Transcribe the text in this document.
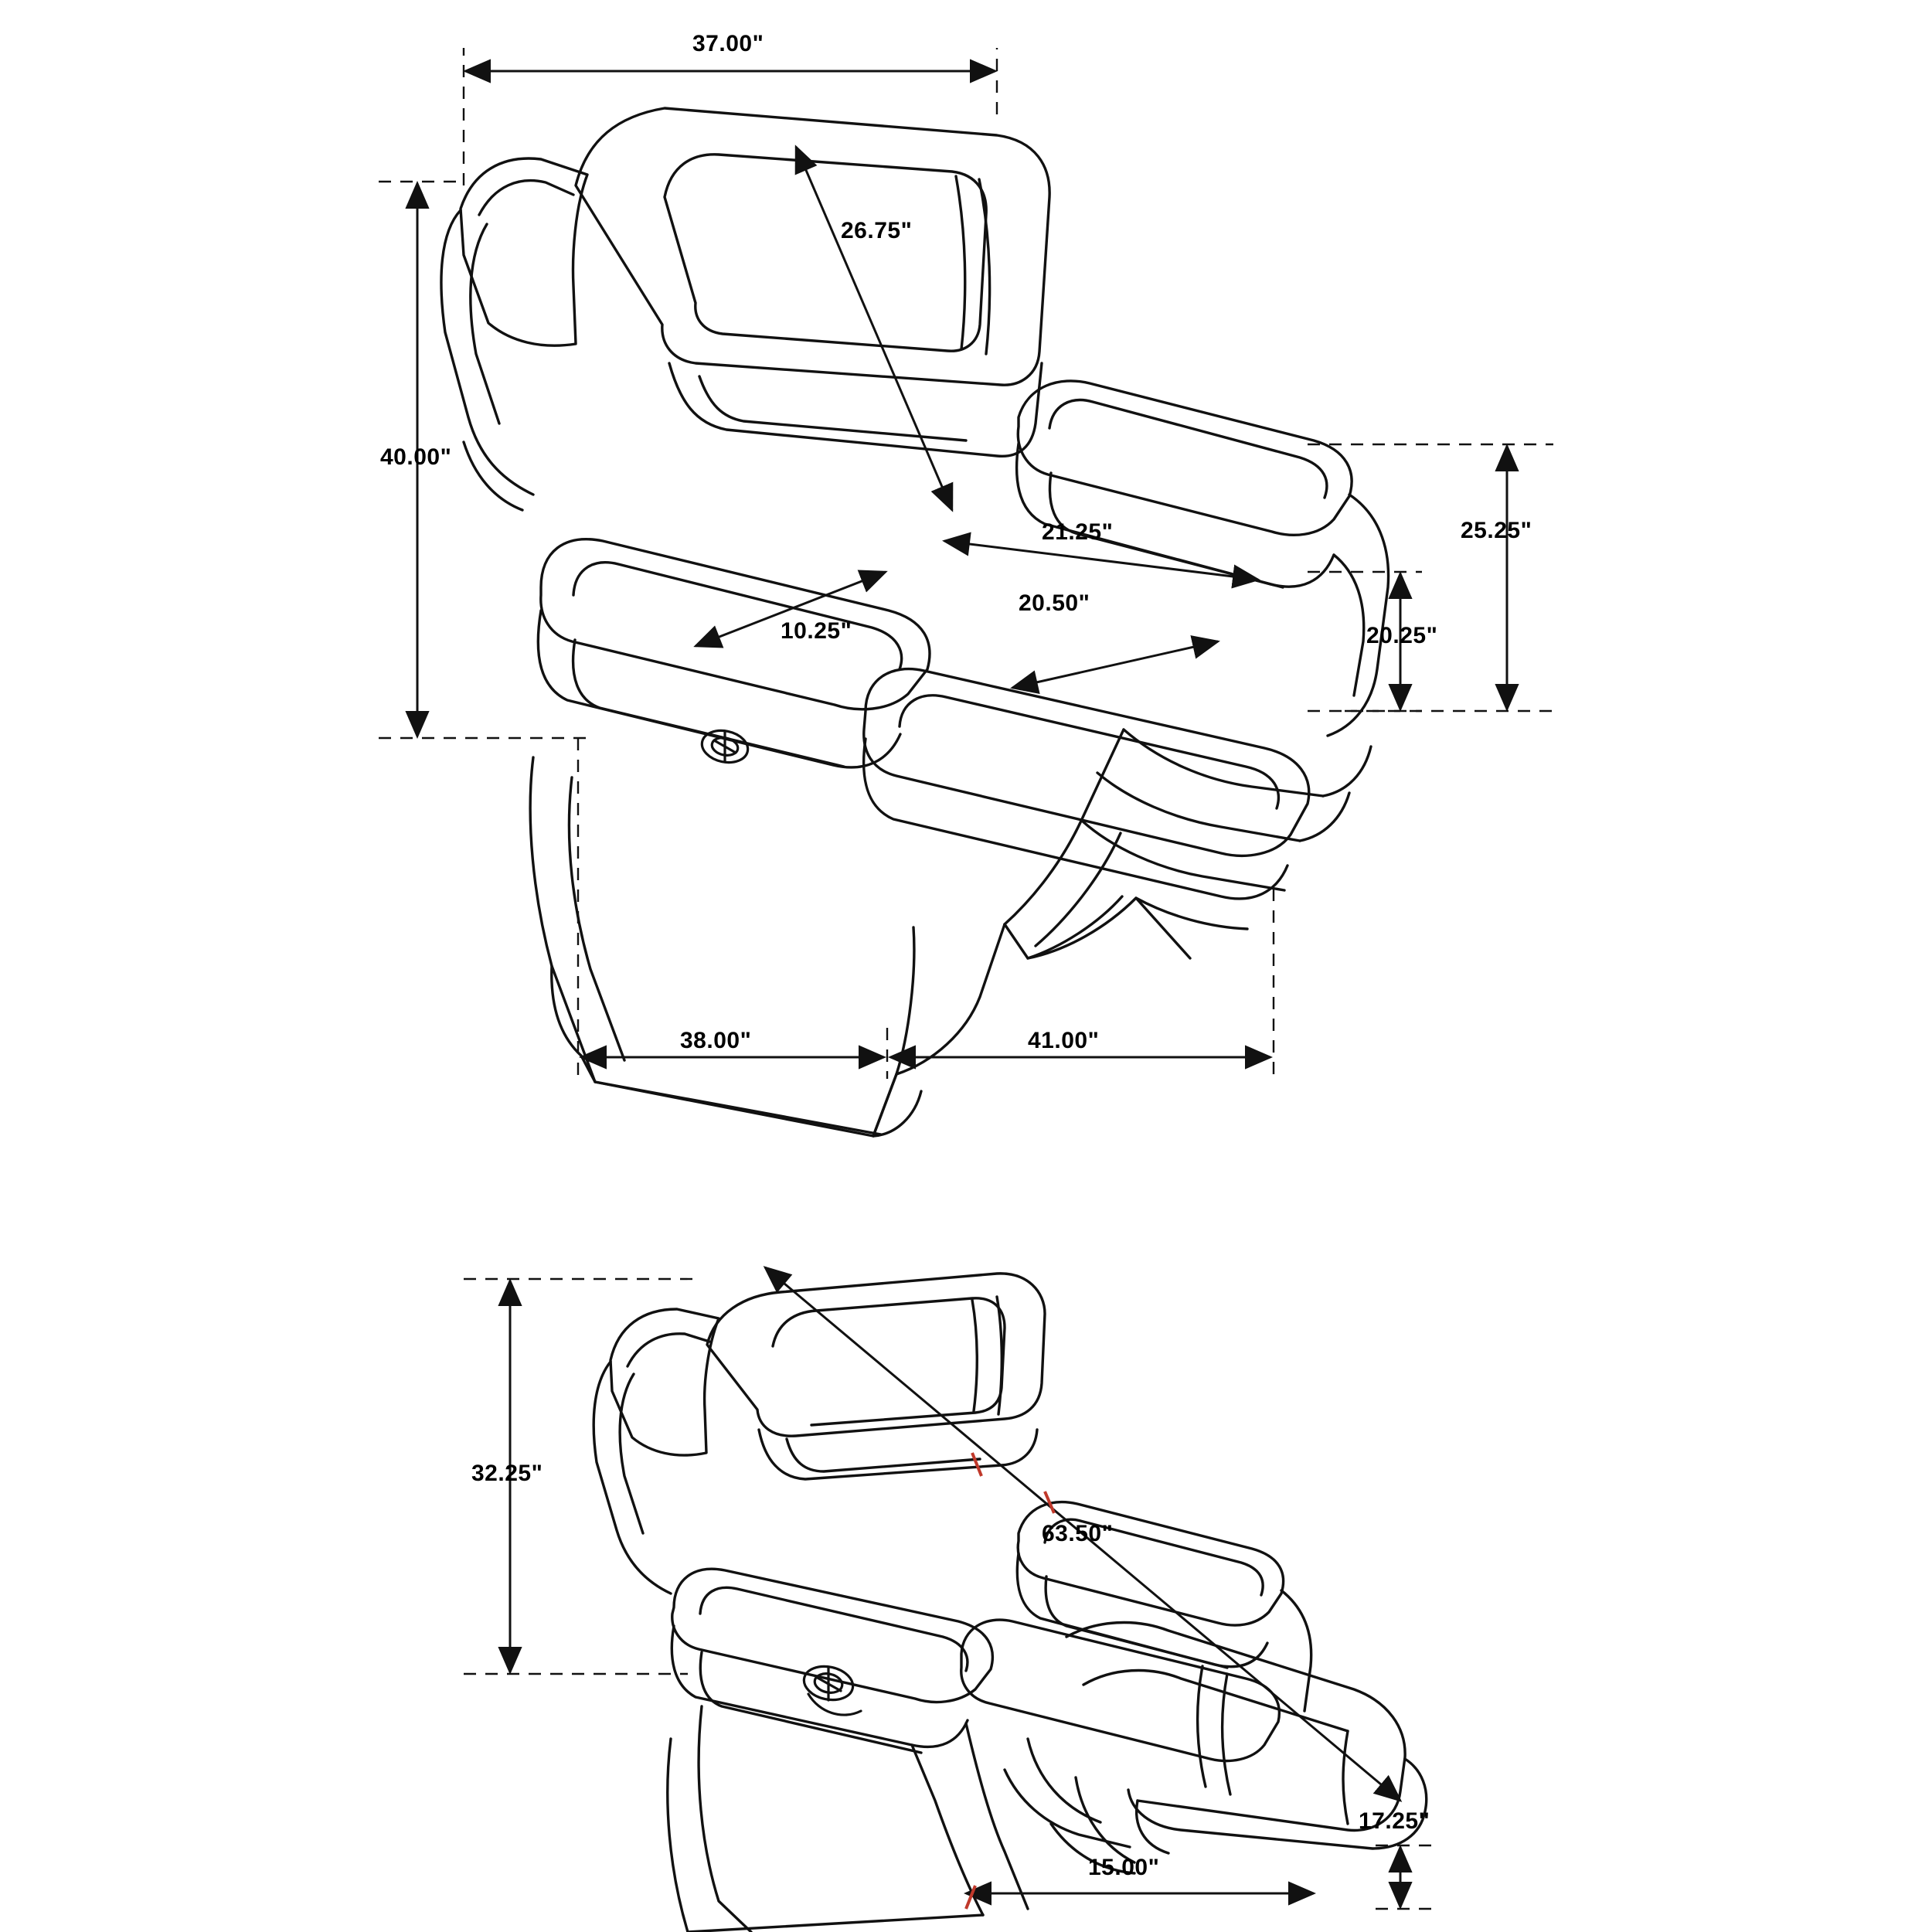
37.00"
40.00"
26.75"
21.25"
20.50"
10.25"
25.25"
20.25"
38.00"	41.00"
32.25"
63.50"
17.25"
15.00"
